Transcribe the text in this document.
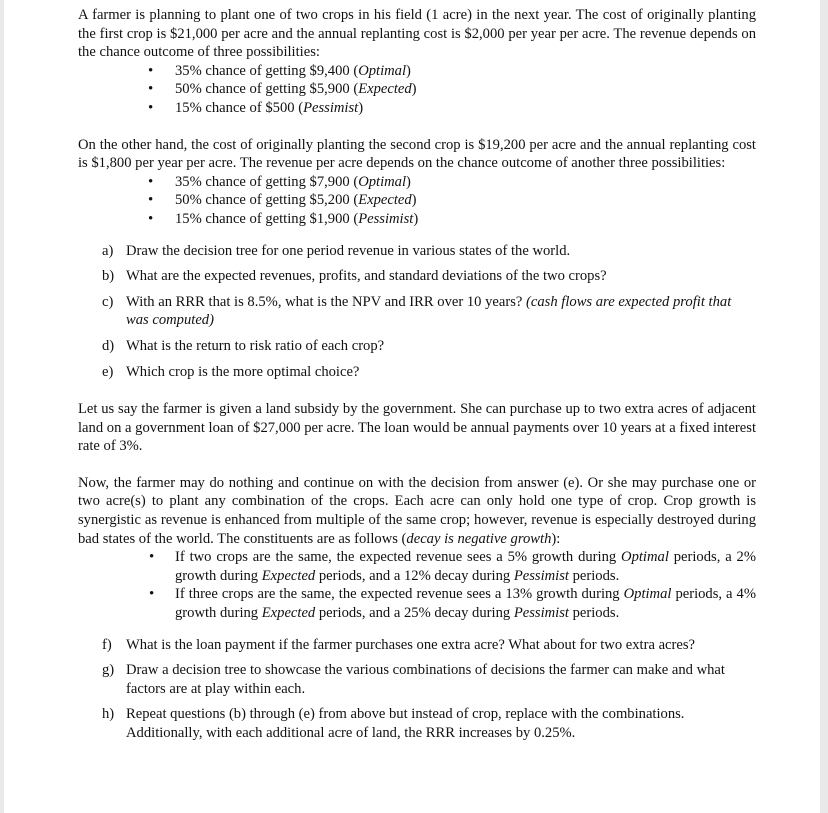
A farmer is planning to plant one of two crops in his field (1 acre) in the next year. The cost of originally planting the first crop is $21,000 per acre and the annual replanting cost is $2,000 per year per acre. The revenue depends on the chance outcome of three possibilities:

• 35% chance of getting $9,400 (Optimal)
• 50% chance of getting $5,900 (Expected)
• 15% chance of $500 (Pessimist)

On the other hand, the cost of originally planting the second crop is $19,200 per acre and the annual replanting cost is $1,800 per year per acre. The revenue per acre depends on the chance outcome of another three possibilities:

• 35% chance of getting $7,900 (Optimal)
• 50% chance of getting $5,200 (Expected)
• 15% chance of getting $1,900 (Pessimist)
a) Draw the decision tree for one period revenue in various states of the world.
b) What are the expected revenues, profits, and standard deviations of the two crops?
c) With an RRR that is 8.5%, what is the NPV and IRR over 10 years? (cash flows are expected profit that was computed)
d) What is the return to risk ratio of each crop?
e) Which crop is the more optimal choice?

Let us say the farmer is given a land subsidy by the government. She can purchase up to two extra acres of adjacent land on a government loan of $27,000 per acre. The loan would be annual payments over 10 years at a fixed interest rate of 3%.

Now, the farmer may do nothing and continue on with the decision from answer (e). Or she may purchase one or two acre(s) to plant any combination of the crops. Each acre can only hold one type of crop. Crop growth is synergistic as revenue is enhanced from multiple of the same crop; however, revenue is especially destroyed during bad states of the world. The constituents are as follows (decay is negative growth):

• If two crops are the same, the expected revenue sees a 5% growth during Optimal periods, a 2% growth during Expected periods, and a 12% decay during Pessimist periods.
• If three crops are the same, the expected revenue sees a 13% growth during Optimal periods, a 4% growth during Expected periods, and a 25% decay during Pessimist periods.
f) What is the loan payment if the farmer purchases one extra acre? What about for two extra acres?
g) Draw a decision tree to showcase the various combinations of decisions the farmer can make and what factors are at play within each.
h) Repeat questions (b) through (e) from above but instead of crop, replace with the combinations. Additionally, with each additional acre of land, the RRR increases by 0.25%.
